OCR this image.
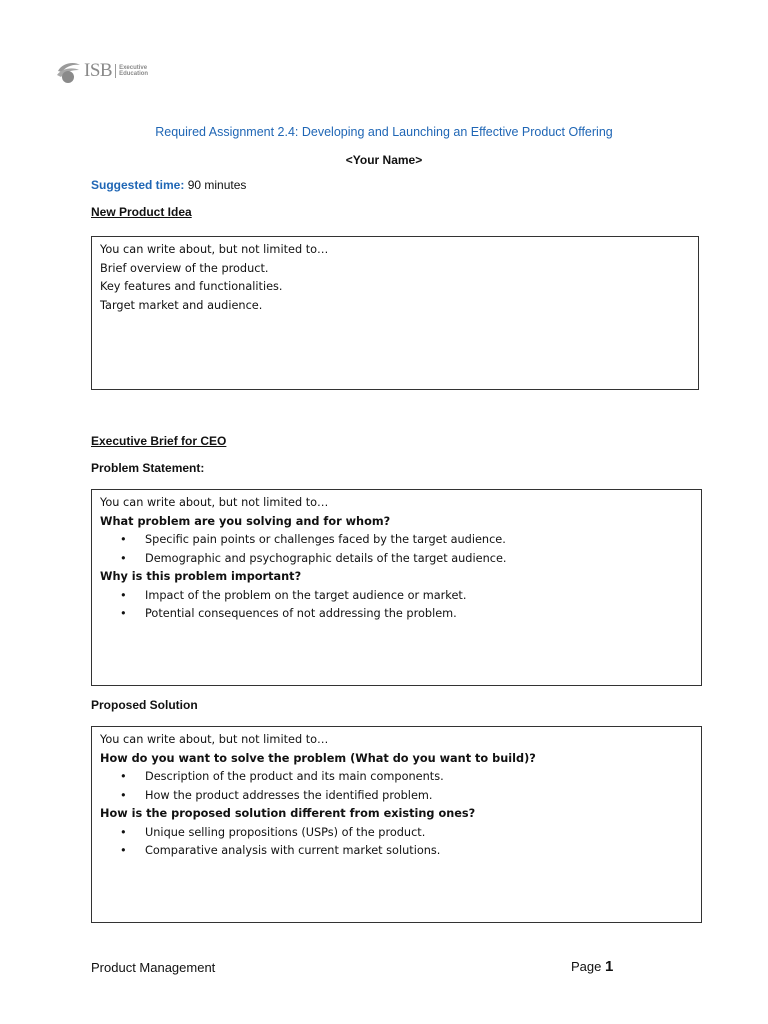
ISB Executive
Education
Required Assignment 2.4: Developing and Launching an Effective Product Offering
<Your Name>
Suggested time: 90 minutes
New Product Idea
You can write about, but not limited to…
Brief overview of the product.
Key features and functionalities.
Target market and audience.
Executive Brief for CEO
Problem Statement:
You can write about, but not limited to…
What problem are you solving and for whom?
• Specific pain points or challenges faced by the target audience.
• Demographic and psychographic details of the target audience.
Why is this problem important?
• Impact of the problem on the target audience or market.
• Potential consequences of not addressing the problem.
Proposed Solution
You can write about, but not limited to…
How do you want to solve the problem (What do you want to build)?
• Description of the product and its main components.
• How the product addresses the identified problem.
How is the proposed solution different from existing ones?
• Unique selling propositions (USPs) of the product.
• Comparative analysis with current market solutions.
Product Management	Page 1
